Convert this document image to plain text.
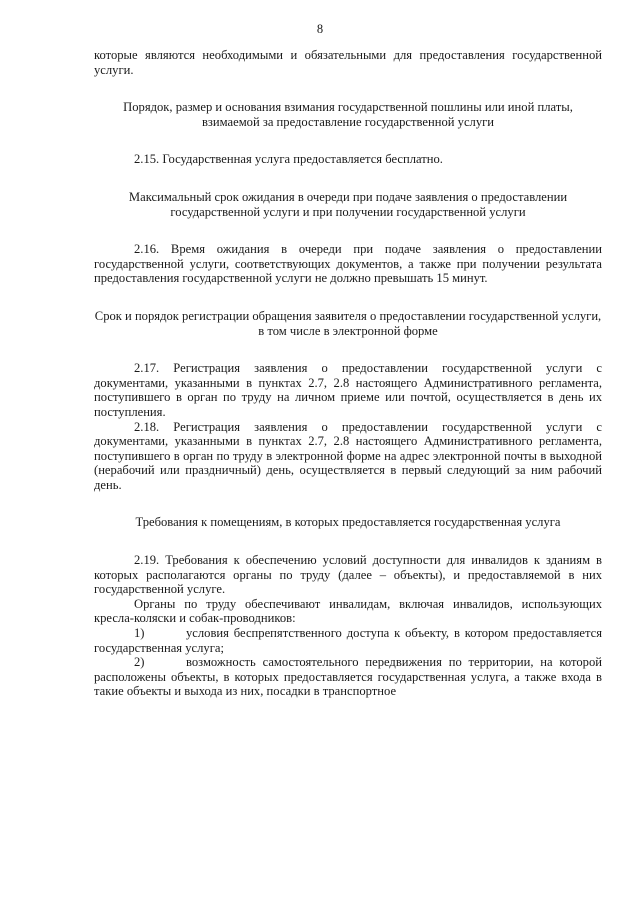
8

которые являются необходимыми и обязательными для предоставления государственной услуги.

Порядок, размер и основания взимания государственной пошлины или иной платы, взимаемой за предоставление государственной услуги

2.15. Государственная услуга предоставляется бесплатно.

Максимальный срок ожидания в очереди при подаче заявления о предоставлении государственной услуги и при получении государственной услуги

2.16. Время ожидания в очереди при подаче заявления о предоставлении государственной услуги, соответствующих документов, а также при получении результата предоставления государственной услуги не должно превышать 15 минут.

Срок и порядок регистрации обращения заявителя о предоставлении государственной услуги, в том числе в электронной форме

2.17. Регистрация заявления о предоставлении государственной услуги с документами, указанными в пунктах 2.7, 2.8 настоящего Административного регламента, поступившего в орган по труду на личном приеме или почтой, осуществляется в день их поступления.

2.18. Регистрация заявления о предоставлении государственной услуги с документами, указанными в пунктах 2.7, 2.8 настоящего Административного регламента, поступившего в орган по труду в электронной форме на адрес электронной почты в выходной (нерабочий или праздничный) день, осуществляется в первый следующий за ним рабочий день.

Требования к помещениям, в которых предоставляется государственная услуга

2.19. Требования к обеспечению условий доступности для инвалидов к зданиям в которых располагаются органы по труду (далее – объекты), и предоставляемой в них государственной услуге.

Органы по труду обеспечивают инвалидам, включая инвалидов, использующих кресла-коляски и собак-проводников:

1)	условия беспрепятственного доступа к объекту, в котором предоставляется государственная услуга;

2)	возможность самостоятельного передвижения по территории, на которой расположены объекты, в которых предоставляется государственная услуга, а также входа в такие объекты и выхода из них, посадки в транспортное
